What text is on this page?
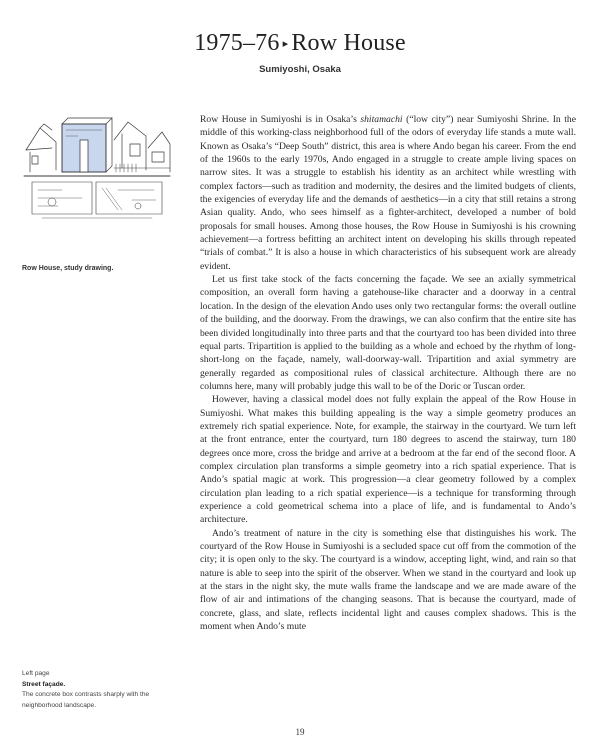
1975–76 ▸ Row House
Sumiyoshi, Osaka
Row House, study drawing.
Left page
Street façade.
The concrete box contrasts sharply with the neighborhood landscape.

Row House in Sumiyoshi is in Osaka’s shitamachi (“low city”) near Sumiyoshi Shrine. In the middle of this working-class neighborhood full of the odors of everyday life stands a mute wall. Known as Osaka’s “Deep South” district, this area is where Ando began his career. From the end of the 1960s to the early 1970s, Ando engaged in a struggle to create ample living spaces on narrow sites. It was a struggle to establish his identity as an architect while wrestling with complex factors—such as tradition and modernity, the desires and the limited budgets of clients, the exigencies of everyday life and the demands of aesthetics—in a city that still retains a strong Asian quality. Ando, who sees himself as a fighter-architect, developed a number of bold proposals for small houses. Among those houses, the Row House in Sumiyoshi is his crowning achievement—a fortress befitting an architect intent on developing his skills through repeated “trials of combat.” It is also a house in which characteristics of his subsequent work are already evident.

Let us first take stock of the facts concerning the façade. We see an axially symmetrical composition, an overall form having a gatehouse-like character and a doorway in a central location. In the design of the elevation Ando uses only two rectangular forms: the overall outline of the building, and the doorway. From the drawings, we can also confirm that the entire site has been divided longitudinally into three parts and that the courtyard too has been divided into three equal parts. Tripartition is applied to the building as a whole and echoed by the rhythm of long-short-long on the façade, namely, wall-doorway-wall. Tripartition and axial symmetry are generally regarded as compositional rules of classical architecture. Although there are no columns here, many will probably judge this wall to be of the Doric or Tuscan order.

However, having a classical model does not fully explain the appeal of the Row House in Sumiyoshi. What makes this building appealing is the way a simple geometry produces an extremely rich spatial experience. Note, for example, the stairway in the courtyard. We turn left at the front entrance, enter the courtyard, turn 180 degrees to ascend the stairway, turn 180 degrees once more, cross the bridge and arrive at a bedroom at the far end of the second floor. A complex circulation plan transforms a simple geometry into a rich spatial experience. That is Ando’s spatial magic at work. This progression—a clear geometry followed by a complex circulation plan leading to a rich spatial experience—is a technique for transforming through experience a cold geometrical schema into a place of life, and is fundamental to Ando’s architecture.

Ando’s treatment of nature in the city is something else that distinguishes his work. The courtyard of the Row House in Sumiyoshi is a secluded space cut off from the commotion of the city; it is open only to the sky. The courtyard is a window, accepting light, wind, and rain so that nature is able to seep into the spirit of the observer. When we stand in the courtyard and look up at the stars in the night sky, the mute walls frame the landscape and we are made aware of the flow of air and intimations of the changing seasons. That is because the courtyard, made of concrete, glass, and slate, reflects incidental light and causes complex shadows. This is the moment when Ando’s mute

19
